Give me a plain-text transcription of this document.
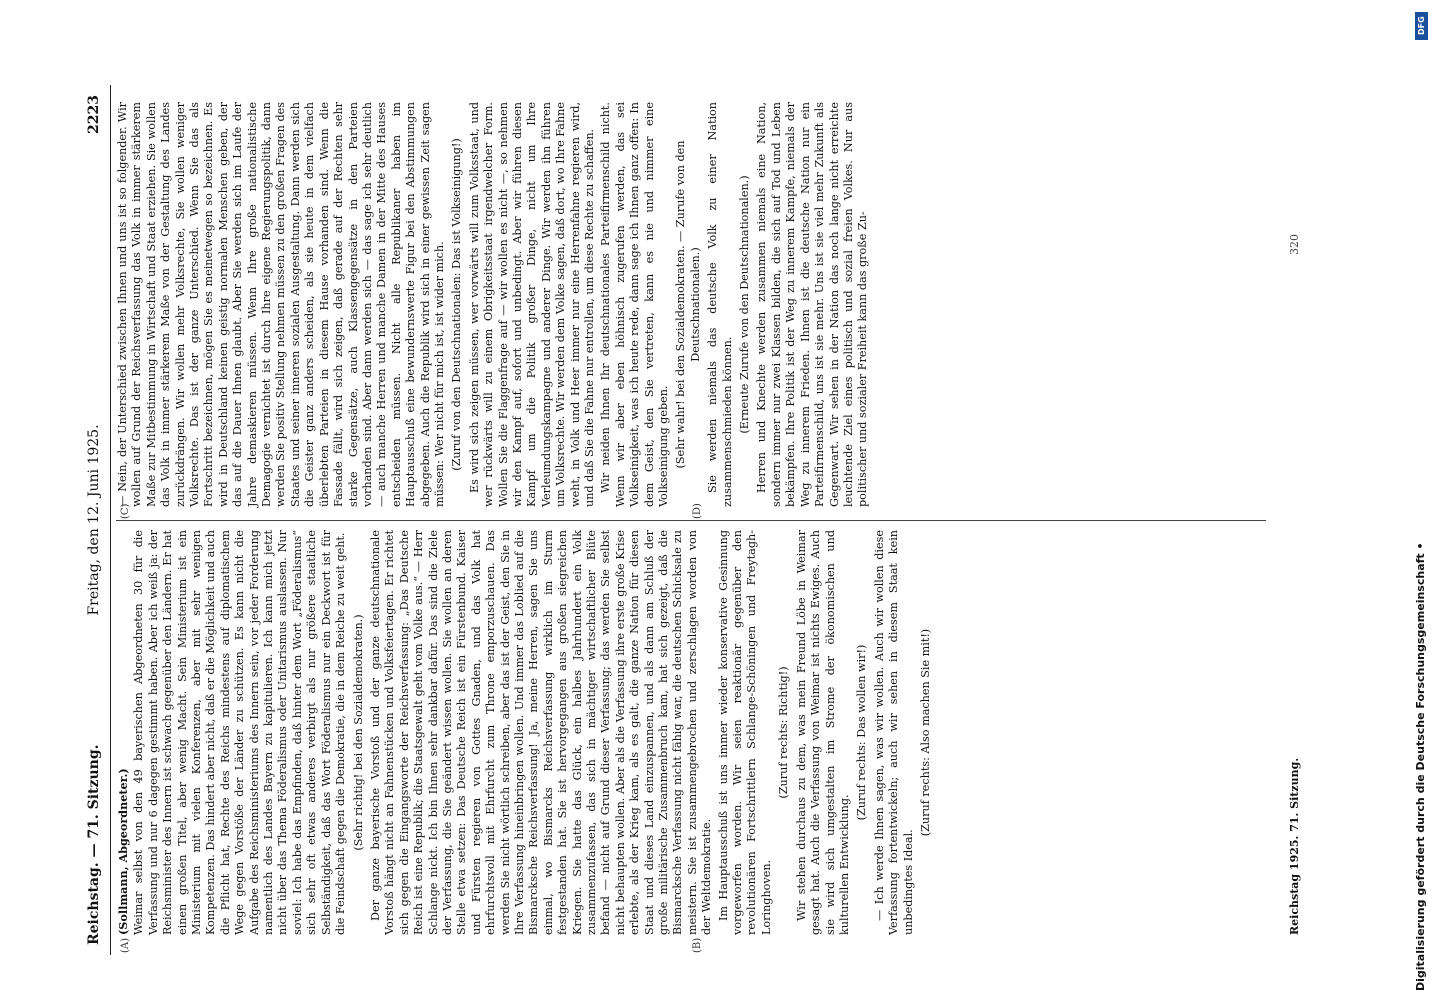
Reichstag. — 71. Sitzung.
Freitag, den 12. Juni 1925.
2223
(A)	(B)
(C)	(D)

(Sollmann, Abgeordneter.) Weimar selbst von den 49 bayerischen Abgeordneten 30 für die Verfassung und nur 6 dagegen gestimmt haben. Aber ich weiß ja: der Reichsminister des Innern ist schwach gegenüber den Ländern. Er hat einen großen Titel, aber wenig Macht. Sein Ministerium ist ein Ministerium mit vielen Konferenzen, aber mit sehr wenigen Kompetenzen. Das hindert aber nicht, daß er die Möglichkeit und auch die Pflicht hat, Rechte des Reichs mindestens auf diplomatischem Wege gegen Vorstöße der Länder zu schützen. Es kann nicht die Aufgabe des Reichsministeriums des Innern sein, vor jeder Forderung namentlich des Landes Bayern zu kapitulieren. Ich kann mich jetzt nicht über das Thema Föderalismus oder Unitarismus auslassen. Nur soviel: Ich habe das Empfinden, daß hinter dem Wort „Föderalismus“ sich sehr oft etwas anderes verbirgt als nur größere staatliche Selbständigkeit, daß das Wort Föderalismus nur ein Deckwort ist für die Feindschaft gegen die Demokratie, die in dem Reiche zu weit geht. (Sehr richtig! bei den Sozialdemokraten.) Der ganze bayerische Vorstoß und der ganze deutschnationale Vorstoß hängt nicht an Fahnenstücken und Volksfeiertagen. Er richtet sich gegen die Eingangsworte der Reichsverfassung: „Das Deutsche Reich ist eine Republik; die Staatsgewalt geht vom Volke aus.“ — Herr Schlange nickt. Ich bin Ihnen sehr dankbar dafür. Das sind die Ziele der Verfassung, die Sie geändert wissen wollen. Sie wollen an deren Stelle etwa setzen: Das Deutsche Reich ist ein Fürstenbund. Kaiser und Fürsten regieren von Gottes Gnaden, und das Volk hat ehrfurchtsvoll mit Ehrfurcht zum Throne emporzuschauen. Das werden Sie nicht wörtlich schreiben, aber das ist der Geist, den Sie in Ihre Verfassung hineinbringen wollen. Und immer das Loblied auf die Bismarcksche Reichsverfassung! Ja, meine Herren, sagen Sie uns einmal, wo Bismarcks Reichsverfassung wirklich im Sturm festgestanden hat. Sie ist hervorgegangen aus großen siegreichen Kriegen. Sie hatte das Glück, ein halbes Jahrhundert ein Volk zusammenzufassen, das sich in mächtiger wirtschaftlicher Blüte befand — nicht auf Grund dieser Verfassung; das werden Sie selbst nicht behaupten wollen. Aber als die Verfassung ihre erste große Krise erlebte, als der Krieg kam, als es galt, die ganze Nation für diesen Staat und dieses Land einzuspannen, und als dann am Schluß der große militärische Zusammenbruch kam, hat sich gezeigt, daß die Bismarcksche Verfassung nicht fähig war, die deutschen Schicksale zu meistern. Sie ist zusammengebrochen und zerschlagen worden von der Weltdemokratie. Im Hauptausschuß ist uns immer wieder konservative Gesinnung vorgeworfen worden. Wir seien reaktionär gegenüber den revolutionären Fortschrittlern Schlange-Schöningen und Freytagh-Loringhoven.

(Zuruf rechts: Richtig!) Wir stehen durchaus zu dem, was mein Freund Löbe in Weimar gesagt hat. Auch die Verfassung von Weimar ist nichts Ewiges. Auch sie wird sich umgestalten im Strome der ökonomischen und kulturellen Entwicklung.

(Zuruf rechts: Das wollen wir!) — Ich werde Ihnen sagen, was wir wollen. Auch wir wollen diese Verfassung fortentwickeln; auch wir sehen in diesem Staat kein unbedingtes Ideal.

(Zuruf rechts: Also machen Sie mit!)

— Nein, der Unterschied zwischen Ihnen und uns ist so folgender. Wir wollen auf Grund der Reichsverfassung das Volk in immer stärkerem Maße zur Mitbestimmung in Wirtschaft und Staat erziehen. Sie wollen das Volk in immer stärkerem Maße von der Gestaltung des Landes zurückdrängen. Wir wollen mehr Volksrechte, Sie wollen weniger Volksrechte. Das ist der ganze Unterschied. Wenn Sie das als Fortschritt bezeichnen, mögen Sie es meinetwegen so bezeichnen. Es wird in Deutschland keinen geistig normalen Menschen geben, der das auf die Dauer Ihnen glaubt. Aber Sie werden sich im Laufe der Jahre demaskieren müssen. Wenn Ihre große nationalistische Demagogie vernichtet ist durch Ihre eigene Regierungspolitik, dann werden Sie positiv Stellung nehmen müssen zu den großen Fragen des Staates und seiner inneren sozialen Ausgestaltung. Dann werden sich die Geister ganz anders scheiden, als sie heute in dem vielfach überlebten Parteien in diesem Hause vorhanden sind. Wenn die Fassade fällt, wird sich zeigen, daß gerade auf der Rechten sehr starke Gegensätze, auch Klassengegensätze in den Parteien vorhanden sind. Aber dann werden sich — das sage ich sehr deutlich — auch manche Herren und manche Damen in der Mitte des Hauses entscheiden müssen. Nicht alle Republikaner haben im Hauptausschuß eine bewundernswerte Figur bei den Abstimmungen abgegeben. Auch die Republik wird sich in einer gewissen Zeit sagen müssen: Wer nicht für mich ist, ist wider mich. (Zuruf von den Deutschnationalen: Das ist Volkseinigung!) Es wird sich zeigen müssen, wer vorwärts will zum Volksstaat, und wer rückwärts will zu einem Obrigkeitsstaat irgendwelcher Form. Wollen Sie die Flaggenfrage auf — wir wollen es nicht —, so nehmen wir den Kampf auf, sofort und unbedingt. Aber wir führen diesen Kampf um die Politik großer Dinge, nicht um Ihre Verleumdungskampagne und anderer Dinge. Wir werden ihn führen um Volksrechte. Wir werden dem Volke sagen, daß dort, wo Ihre Fahne weht, in Volk und Heer immer nur eine Herrenfahne regieren wird, und daß Sie die Fahne nur entrollen, um diese Rechte zu schaffen. Wir neiden Ihnen Ihr deutschnationales Parteifirmenschild nicht. Wenn wir aber eben höhnisch zugerufen werden, das sei Volkseinigkeit, was ich heute rede, dann sage ich Ihnen ganz offen: In dem Geist, den Sie vertreten, kann es nie und nimmer eine Volkseinigung geben. (Sehr wahr! bei den Sozialdemokraten. — Zurufe von den Deutschnationalen.) Sie werden niemals das deutsche Volk zu einer Nation zusammenschmieden können. (Erneute Zurufe von den Deutschnationalen.) Herren und Knechte werden zusammen niemals eine Nation, sondern immer nur zwei Klassen bilden, die sich auf Tod und Leben bekämpfen. Ihre Politik ist der Weg zu innerem Kampfe, niemals der Weg zu innerem Frieden. Ihnen ist die deutsche Nation nur ein Parteifirmenschild, uns ist sie mehr. Uns ist sie viel mehr Zukunft als Gegenwart. Wir sehen in der Nation das noch lange nicht erreichte leuchtende Ziel eines politisch und sozial freien Volkes. Nur aus politischer und sozialer Freiheit kann das große Zu-

Reichstag 1925. 71. Sitzung.
320
DFG
Digitalisierung gefördert durch die Deutsche Forschungsgemeinschaft •
